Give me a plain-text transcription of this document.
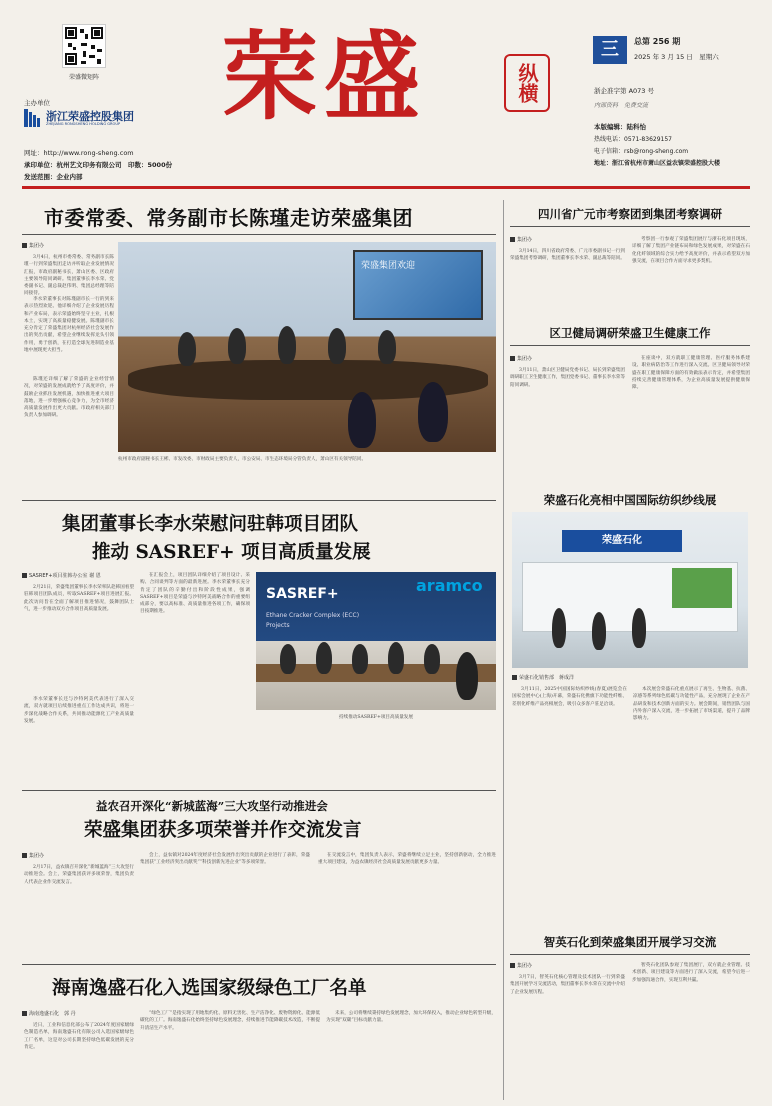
荣盛微矩阵
主办单位
浙江荣盛控股集团
ZHEJIANG RONGSHENG HOLDING GROUP 荣盛	纵横
三	总第 256 期
2025 年 3 月 15 日　星期六
浙企准字第 A073 号
内部资料　免费交流
本版编辑：陆科怡
热线电话：0571-83629157
电子信箱：rsb@rong-sheng.com
地址：浙江省杭州市萧山区益农镇荣盛控股大楼
网址：http://www.rong-sheng.com
承印单位：杭州艺文印务有限公司　印数：5000份
发送范围：企业内部
市委常委、常务副市长陈瑾走访荣盛集团
集团办
3月4日，杭州市委常委、常务副市长陈瑾一行到荣盛集团走访并听取企业发展情况汇报，市政府副秘书长，萧山区委、区政府主要领导陪同调研。集团董事长李水荣、党委副书记、副总裁赵伟明、集团总经理等陪同接待。
李水荣董事长对陈瑾副市长一行的到来表示热烈欢迎。他详细介绍了企业发展历程和产业布局，表示荣盛始终坚守主业，扎根本土，实现了高质量稳健发展。陈瑾副市长充分肯定了荣盛集团对杭州经济社会发展作出的突出贡献，希望企业继续发挥龙头引领作用，勇于创新，在打造全球先进制造业基地中展现更大担当。
陈瑾还详细了解了荣盛的企业经营情况，对荣盛的发展成就给予了高度评价，并鼓励企业抓住发展机遇，加快推进重大项目落地，进一步增强核心竞争力，为全市经济高质量发展作出更大贡献。市政府相关部门负责人参加调研。
荣盛集团欢迎
杭州市政府副秘书长王彬、市发改委、市财政局主要负责人，市公安局、市生态环境局分管负责人，萧山区有关领导陪同。
四川省广元市考察团到集团考察调研
集团办
3月14日，四川省政府常委、广元市委副书记一行到荣盛集团考察调研，集团董事长李水荣、副总裁等陪同。
考察团一行参观了荣盛集团展厅与浙石化项目现场，详细了解了集团产业链布局和绿色发展成果，对荣盛在石化化纤领域的综合实力给予高度评价，并表示希望双方加强交流，在项目合作方面寻求更多契机。
区卫健局调研荣盛卫生健康工作
集团办
3月11日，萧山区卫健局党委书记、局长到荣盛集团调研职工卫生健康工作，集团党委书记、董事长李水荣等陪同调研。
在座谈中，双方就职工健康管理、医疗服务体系建设、职业病防治等工作进行深入交流。区卫健局领导对荣盛在职工健康保障方面的有效做法表示肯定，并希望集团持续完善健康管理体系，为企业高质量发展提供健康保障。
集团董事长李水荣慰问驻韩项目团队
推动 SASREF+ 项目高质量发展
SASREF+项目驻韩办公室 谢 恩
2月21日，荣盛集团董事长李水荣率队赴韩国看望驻韩项目团队成员，听取SASREF+项目进展汇报。此次访问旨在全面了解项目推进情况，鼓舞团队士气，进一步推动双方合作项目高质量发展。
在汇报会上，项目团队详细介绍了项目设计、采购、合同谈判等方面的最新进展。李水荣董事长充分肯定了团队的辛勤付出和阶段性成果，强调SASREF+项目是荣盛与沙特阿美战略合作的重要组成部分，要以高标准、高质量推进各项工作，确保项目按期推进。
李水荣董事长还与沙特阿美代表进行了深入交流，双方就项目后续推进重点工作达成共识，将进一步深化战略合作关系，共同推动能源化工产业高质量发展。
aramco
SASREF+
Ethane Cracker Complex (ECC)
Projects
持续推动SASREF+项目高质量发展
荣盛石化亮相中国国际纺织纱线展
荣盛石化
荣盛石化销售部　蒋成洋
3月11日，2025中国国际纺织纱线(春夏)展览会在国家会展中心(上海)开幕，荣盛石化携旗下功能性纤维、差别化纤维产品亮相展会，吸引众多客户驻足洽谈。
本次展会荣盛石化重点展示了再生、生物基、抗菌、凉感等系列绿色低碳与功能性产品，充分展现了企业在产品研发和技术创新方面的实力。展会期间，销售团队与国内外客户深入交流，进一步拓展了市场渠道，提升了品牌影响力。
益农召开深化“新城蓝海”三大攻坚行动推进会
荣盛集团获多项荣誉并作交流发言
集团办
2月17日，益农镇召开深化“新城蓝海”三大攻坚行动推进会。会上，荣盛集团获评多项荣誉，集团负责人代表企业作交流发言。
会上，益农镇对2024年度经济社会发展作出突出贡献的企业进行了表彰，荣盛集团获“工业经济突出贡献奖”“科技创新先进企业”等多项荣誉。
在交流发言中，集团负责人表示，荣盛将继续立足主业，坚持创新驱动，全力推进重大项目建设，为益农镇经济社会高质量发展贡献更多力量。
智英石化到荣盛集团开展学习交流
集团办
3月7日，智英石化核心管理及技术团队一行到荣盛集团开展学习交流活动，集团董事长李水荣在交流中介绍了企业发展历程。
智英石化团队参观了集团展厅，双方就企业管理、技术创新、项目建设等方面进行了深入交流，希望今后进一步加强沟通合作，实现互利共赢。
海南逸盛石化入选国家级绿色工厂名单
海南逸盛石化　郭 丹
近日，工业和信息化部公布了2024年度国家级绿色制造名单，海南逸盛石化有限公司入选国家级绿色工厂名单，这是对公司长期坚持绿色低碳发展的充分肯定。
“绿色工厂”是指实现了用地集约化、原料无害化、生产洁净化、废物资源化、能源低碳化的工厂。海南逸盛石化始终坚持绿色发展理念，持续推进节能降碳技术改造，不断提升清洁生产水平。
未来，公司将继续秉持绿色发展理念，加大环保投入，推动企业绿色转型升级，为实现“双碳”目标贡献力量。
